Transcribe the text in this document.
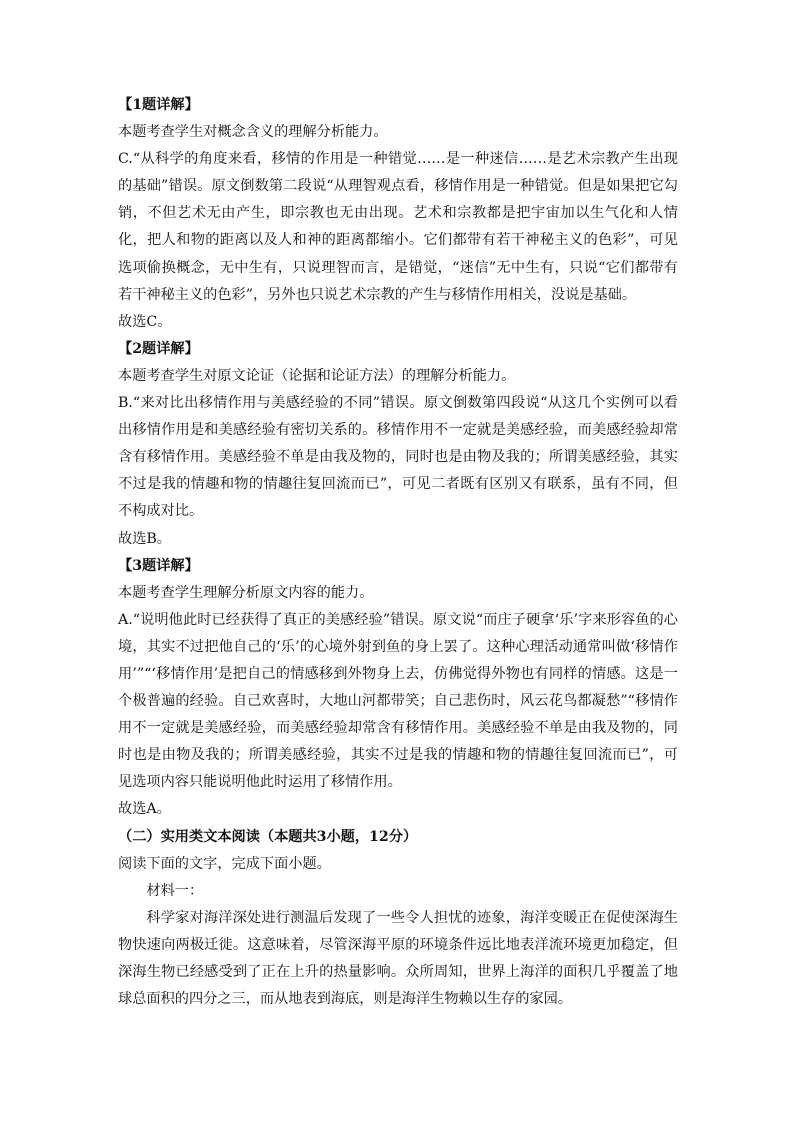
【1题详解】

本题考查学生对概念含义的理解分析能力。

C.“从科学的角度来看，移情的作用是一种错觉……是一种迷信……是艺术宗教产生出现的基础”错误。原文倒数第二段说“从理智观点看，移情作用是一种错觉。但是如果把它勾销，不但艺术无由产生，即宗教也无由出现。艺术和宗教都是把宇宙加以生气化和人情化，把人和物的距离以及人和神的距离都缩小。它们都带有若干神秘主义的色彩”，可见选项偷换概念，无中生有，只说理智而言，是错觉，“迷信”无中生有，只说“它们都带有若干神秘主义的色彩”，另外也只说艺术宗教的产生与移情作用相关，没说是基础。

故选C。

【2题详解】

本题考查学生对原文论证（论据和论证方法）的理解分析能力。

B.“来对比出移情作用与美感经验的不同”错误。原文倒数第四段说“从这几个实例可以看出移情作用是和美感经验有密切关系的。移情作用不一定就是美感经验，而美感经验却常含有移情作用。美感经验不单是由我及物的，同时也是由物及我的；所谓美感经验，其实不过是我的情趣和物的情趣往复回流而已”，可见二者既有区别又有联系，虽有不同，但不构成对比。

故选B。

【3题详解】

本题考查学生理解分析原文内容的能力。

A.“说明他此时已经获得了真正的美感经验”错误。原文说“而庄子硬拿‘乐’字来形容鱼的心境，其实不过把他自己的‘乐’的心境外射到鱼的身上罢了。这种心理活动通常叫做‘移情作用’”“‘移情作用’是把自己的情感移到外物身上去，仿佛觉得外物也有同样的情感。这是一个极普遍的经验。自己欢喜时，大地山河都带笑；自己悲伤时，风云花鸟都凝愁”“移情作用不一定就是美感经验，而美感经验却常含有移情作用。美感经验不单是由我及物的，同时也是由物及我的；所谓美感经验，其实不过是我的情趣和物的情趣往复回流而已”，可见选项内容只能说明他此时运用了移情作用。

故选A。

（二）实用类文本阅读（本题共3小题，12分）

阅读下面的文字，完成下面小题。

材料一：

科学家对海洋深处进行测温后发现了一些令人担忧的迹象，海洋变暖正在促使深海生物快速向两极迁徙。这意味着，尽管深海平原的环境条件远比地表洋流环境更加稳定，但深海生物已经感受到了正在上升的热量影响。众所周知，世界上海洋的面积几乎覆盖了地球总面积的四分之三，而从地表到海底，则是海洋生物赖以生存的家园。
